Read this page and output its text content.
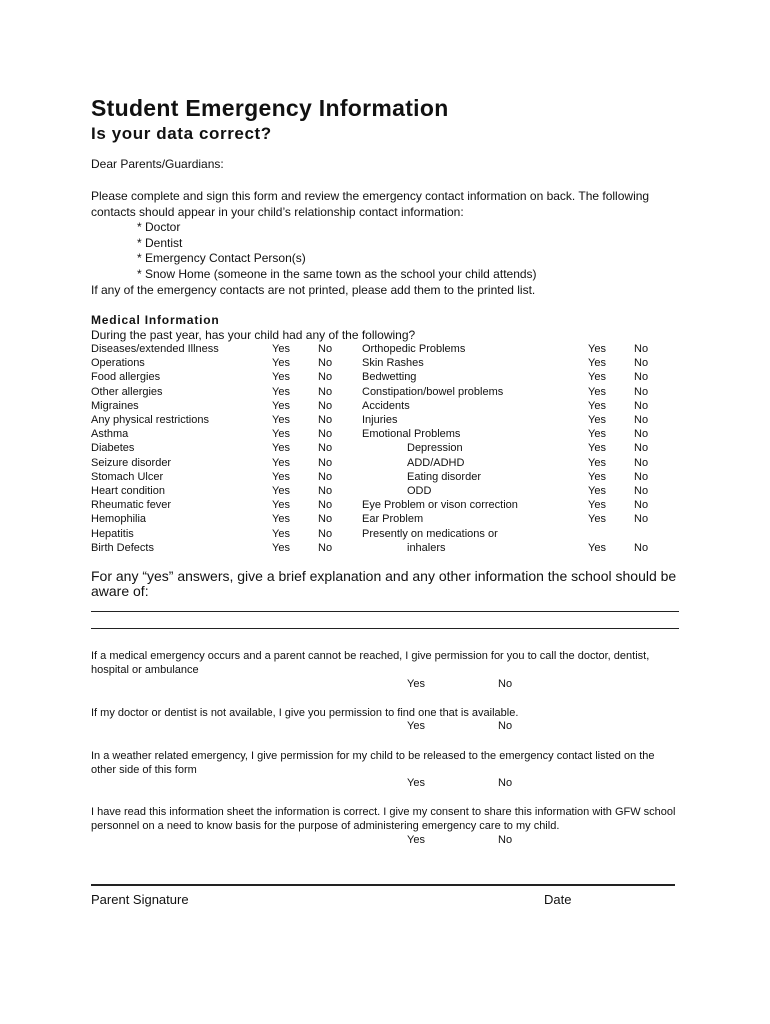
Student Emergency Information
Is your data correct?
Dear Parents/Guardians:
Please complete and sign this form and review the emergency contact information on back. The following
contacts should appear in your child’s relationship contact information:
* Doctor
* Dentist
* Emergency Contact Person(s)
* Snow Home (someone in the same town as the school your child attends)
If any of the emergency contacts are not printed, please add them to the printed list.
Medical Information
During the past year, has your child had any of the following?
For any “yes” answers, give a brief explanation and any other information the school should be aware of:
If a medical emergency occurs and a parent cannot be reached, I give permission for you to call the doctor, dentist, hospital or ambulance
Yes	No
If my doctor or dentist is not available, I give you permission to find one that is available.
Yes	No
In a weather related emergency, I give permission for my child to be released to the emergency contact listed on the other side of this form
Yes	No
I have read this information sheet the information is correct. I give my consent to share this information with GFW school personnel on a need to know basis for the purpose of administering emergency care to my child.
Yes	No
Parent Signature	Date
Diseases/extended Illness	Yes	No
Operations	Yes	No
Food allergies	Yes	No
Other allergies	Yes	No
Migraines	Yes	No
Any physical restrictions	Yes	No
Asthma	Yes	No
Diabetes	Yes	No
Seizure disorder	Yes	No
Stomach Ulcer	Yes	No
Heart condition	Yes	No
Rheumatic fever	Yes	No
Hemophilia	Yes	No
Hepatitis	Yes	No
Birth Defects	Yes	No
Orthopedic Problems	Yes	No
Skin Rashes	Yes	No
Bedwetting	Yes	No
Constipation/bowel problems	Yes	No
Accidents	Yes	No
Injuries	Yes	No
Emotional Problems	Yes	No
Depression	Yes	No
ADD/ADHD	Yes	No
Eating disorder	Yes	No
ODD	Yes	No
Eye Problem or vison correction	Yes	No
Ear Problem	Yes	No
Presently on medications or
inhalers	Yes	No
